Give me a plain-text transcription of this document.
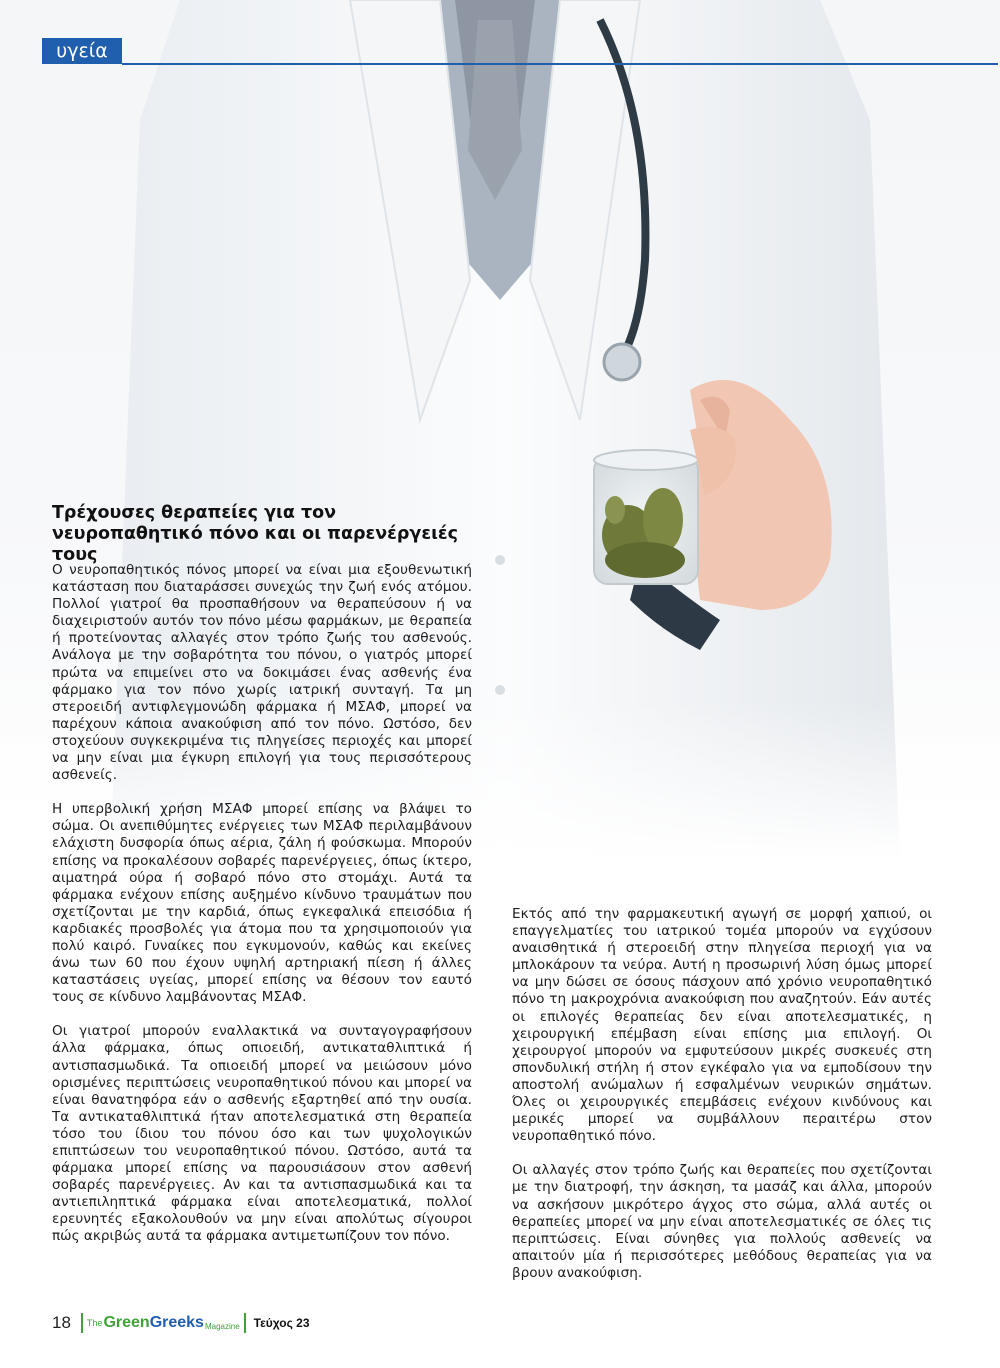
υγεία
Τρέχουσες θεραπείες για τον νευροπαθητικό πόνο και οι παρενέργειές τους

Ο νευροπαθητικός πόνος μπορεί να είναι μια εξουθενωτική κατάσταση που διαταράσσει συνεχώς την ζωή ενός ατόμου. Πολλοί γιατροί θα προσπαθήσουν να θεραπεύσουν ή να διαχειριστούν αυτόν τον πόνο μέσω φαρμάκων, με θεραπεία ή προτείνοντας αλλαγές στον τρόπο ζωής του ασθενούς. Ανάλογα με την σοβαρότητα του πόνου, ο γιατρός μπορεί πρώτα να επιμείνει στο να δοκιμάσει ένας ασθενής ένα φάρμακο για τον πόνο χωρίς ιατρική συνταγή. Τα μη στεροειδή αντιφλεγμονώδη φάρμακα ή ΜΣΑΦ, μπορεί να παρέχουν κάποια ανακούφιση από τον πόνο. Ωστόσο, δεν στοχεύουν συγκεκριμένα τις πληγείσες περιοχές και μπορεί να μην είναι μια έγκυρη επιλογή για τους περισσότερους ασθενείς.

Η υπερβολική χρήση ΜΣΑΦ μπορεί επίσης να βλάψει το σώμα. Οι ανεπιθύμητες ενέργειες των ΜΣΑΦ περιλαμβάνουν ελάχιστη δυσφορία όπως αέρια, ζάλη ή φούσκωμα. Μπορούν επίσης να προκαλέσουν σοβαρές παρενέργειες, όπως ίκτερο, αιματηρά ούρα ή σοβαρό πόνο στο στομάχι. Αυτά τα φάρμακα ενέχουν επίσης αυξημένο κίνδυνο τραυμάτων που σχετίζονται με την καρδιά, όπως εγκεφαλικά επεισόδια ή καρδιακές προσβολές για άτομα που τα χρησιμοποιούν για πολύ καιρό. Γυναίκες που εγκυμονούν, καθώς και εκείνες άνω των 60 που έχουν υψηλή αρτηριακή πίεση ή άλλες καταστάσεις υγείας, μπορεί επίσης να θέσουν τον εαυτό τους σε κίνδυνο λαμβάνοντας ΜΣΑΦ.

Οι γιατροί μπορούν εναλλακτικά να συνταγογραφήσουν άλλα φάρμακα, όπως οπιοειδή, αντικαταθλιπτικά ή αντισπασμωδικά. Τα οπιοειδή μπορεί να μειώσουν μόνο ορισμένες περιπτώσεις νευροπαθητικού πόνου και μπορεί να είναι θανατηφόρα εάν ο ασθενής εξαρτηθεί από την ουσία. Τα αντικαταθλιπτικά ήταν αποτελεσματικά στη θεραπεία τόσο του ίδιου του πόνου όσο και των ψυχολογικών επιπτώσεων του νευροπαθητικού πόνου. Ωστόσο, αυτά τα φάρμακα μπορεί επίσης να παρουσιάσουν στον ασθενή σοβαρές παρενέργειες. Αν και τα αντισπασμωδικά και τα αντιεπιληπτικά φάρμακα είναι αποτελεσματικά, πολλοί ερευνητές εξακολουθούν να μην είναι απολύτως σίγουροι πώς ακριβώς αυτά τα φάρμακα αντιμετωπίζουν τον πόνο.

Εκτός από την φαρμακευτική αγωγή σε μορφή χαπιού, οι επαγγελματίες του ιατρικού τομέα μπορούν να εγχύσουν αναισθητικά ή στεροειδή στην πληγείσα περιοχή για να μπλοκάρουν τα νεύρα. Αυτή η προσωρινή λύση όμως μπορεί να μην δώσει σε όσους πάσχουν από χρόνιο νευροπαθητικό πόνο τη μακροχρόνια ανακούφιση που αναζητούν. Εάν αυτές οι επιλογές θεραπείας δεν είναι αποτελεσματικές, η χειρουργική επέμβαση είναι επίσης μια επιλογή. Οι χειρουργοί μπορούν να εμφυτεύσουν μικρές συσκευές στη σπονδυλική στήλη ή στον εγκέφαλο για να εμποδίσουν την αποστολή ανώμαλων ή εσφαλμένων νευρικών σημάτων. Όλες οι χειρουργικές επεμβάσεις ενέχουν κινδύνους και μερικές μπορεί να συμβάλλουν περαιτέρω στον νευροπαθητικό πόνο.

Οι αλλαγές στον τρόπο ζωής και θεραπείες που σχετίζονται με την διατροφή, την άσκηση, τα μασάζ και άλλα, μπορούν να ασκήσουν μικρότερο άγχος στο σώμα, αλλά αυτές οι θεραπείες μπορεί να μην είναι αποτελεσματικές σε όλες τις περιπτώσεις. Είναι σύνηθες για πολλούς ασθενείς να απαιτούν μία ή περισσότερες μεθόδους θεραπείας για να βρουν ανακούφιση.

18 The Green Greeks Magazine Τεύχος 23
